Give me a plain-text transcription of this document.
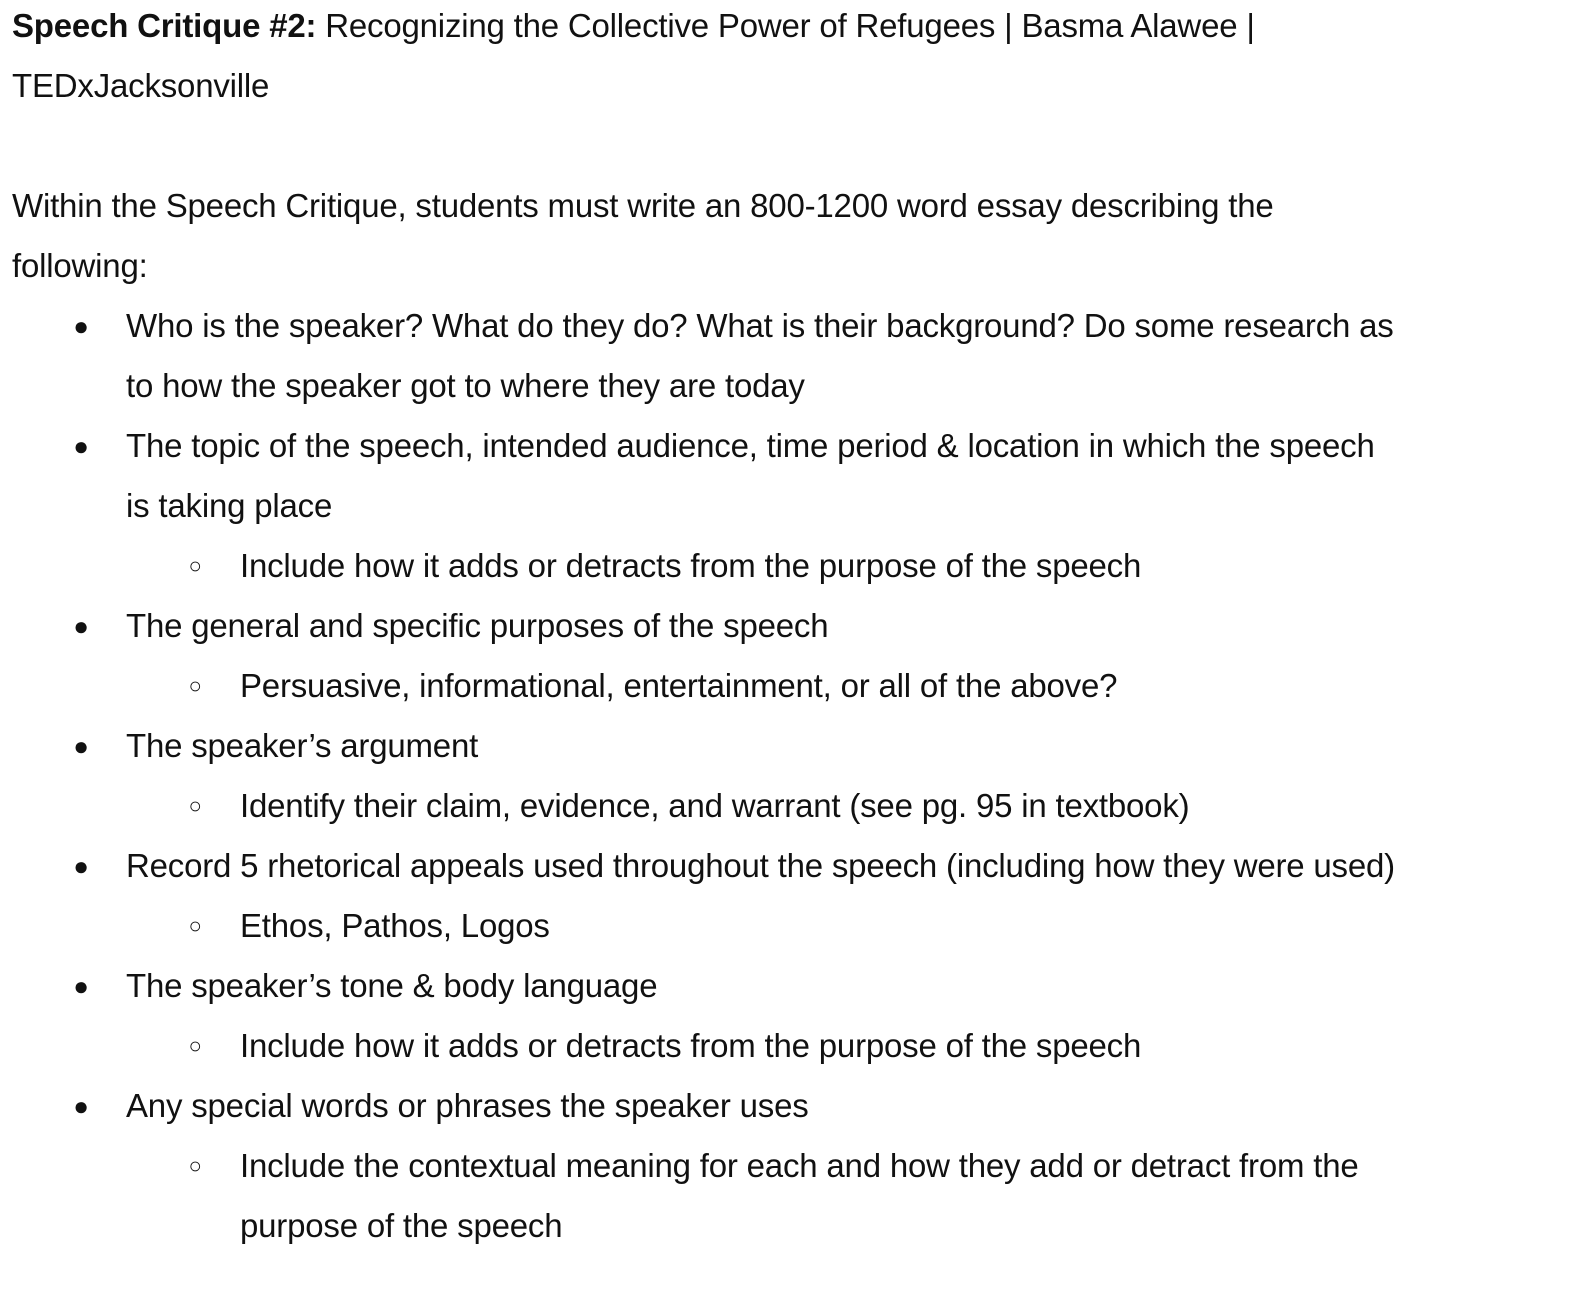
Speech Critique #2: Recognizing the Collective Power of Refugees | Basma Alawee |
TEDxJacksonville
Within the Speech Critique, students must write an 800-1200 word essay describing the
following:
● Who is the speaker? What do they do? What is their background? Do some research as
to how the speaker got to where they are today
● The topic of the speech, intended audience, time period & location in which the speech
is taking place
○ Include how it adds or detracts from the purpose of the speech
● The general and specific purposes of the speech
○ Persuasive, informational, entertainment, or all of the above?
● The speaker’s argument
○ Identify their claim, evidence, and warrant (see pg. 95 in textbook)
● Record 5 rhetorical appeals used throughout the speech (including how they were used)
○ Ethos, Pathos, Logos
● The speaker’s tone & body language
○ Include how it adds or detracts from the purpose of the speech
● Any special words or phrases the speaker uses
○ Include the contextual meaning for each and how they add or detract from the
purpose of the speech
